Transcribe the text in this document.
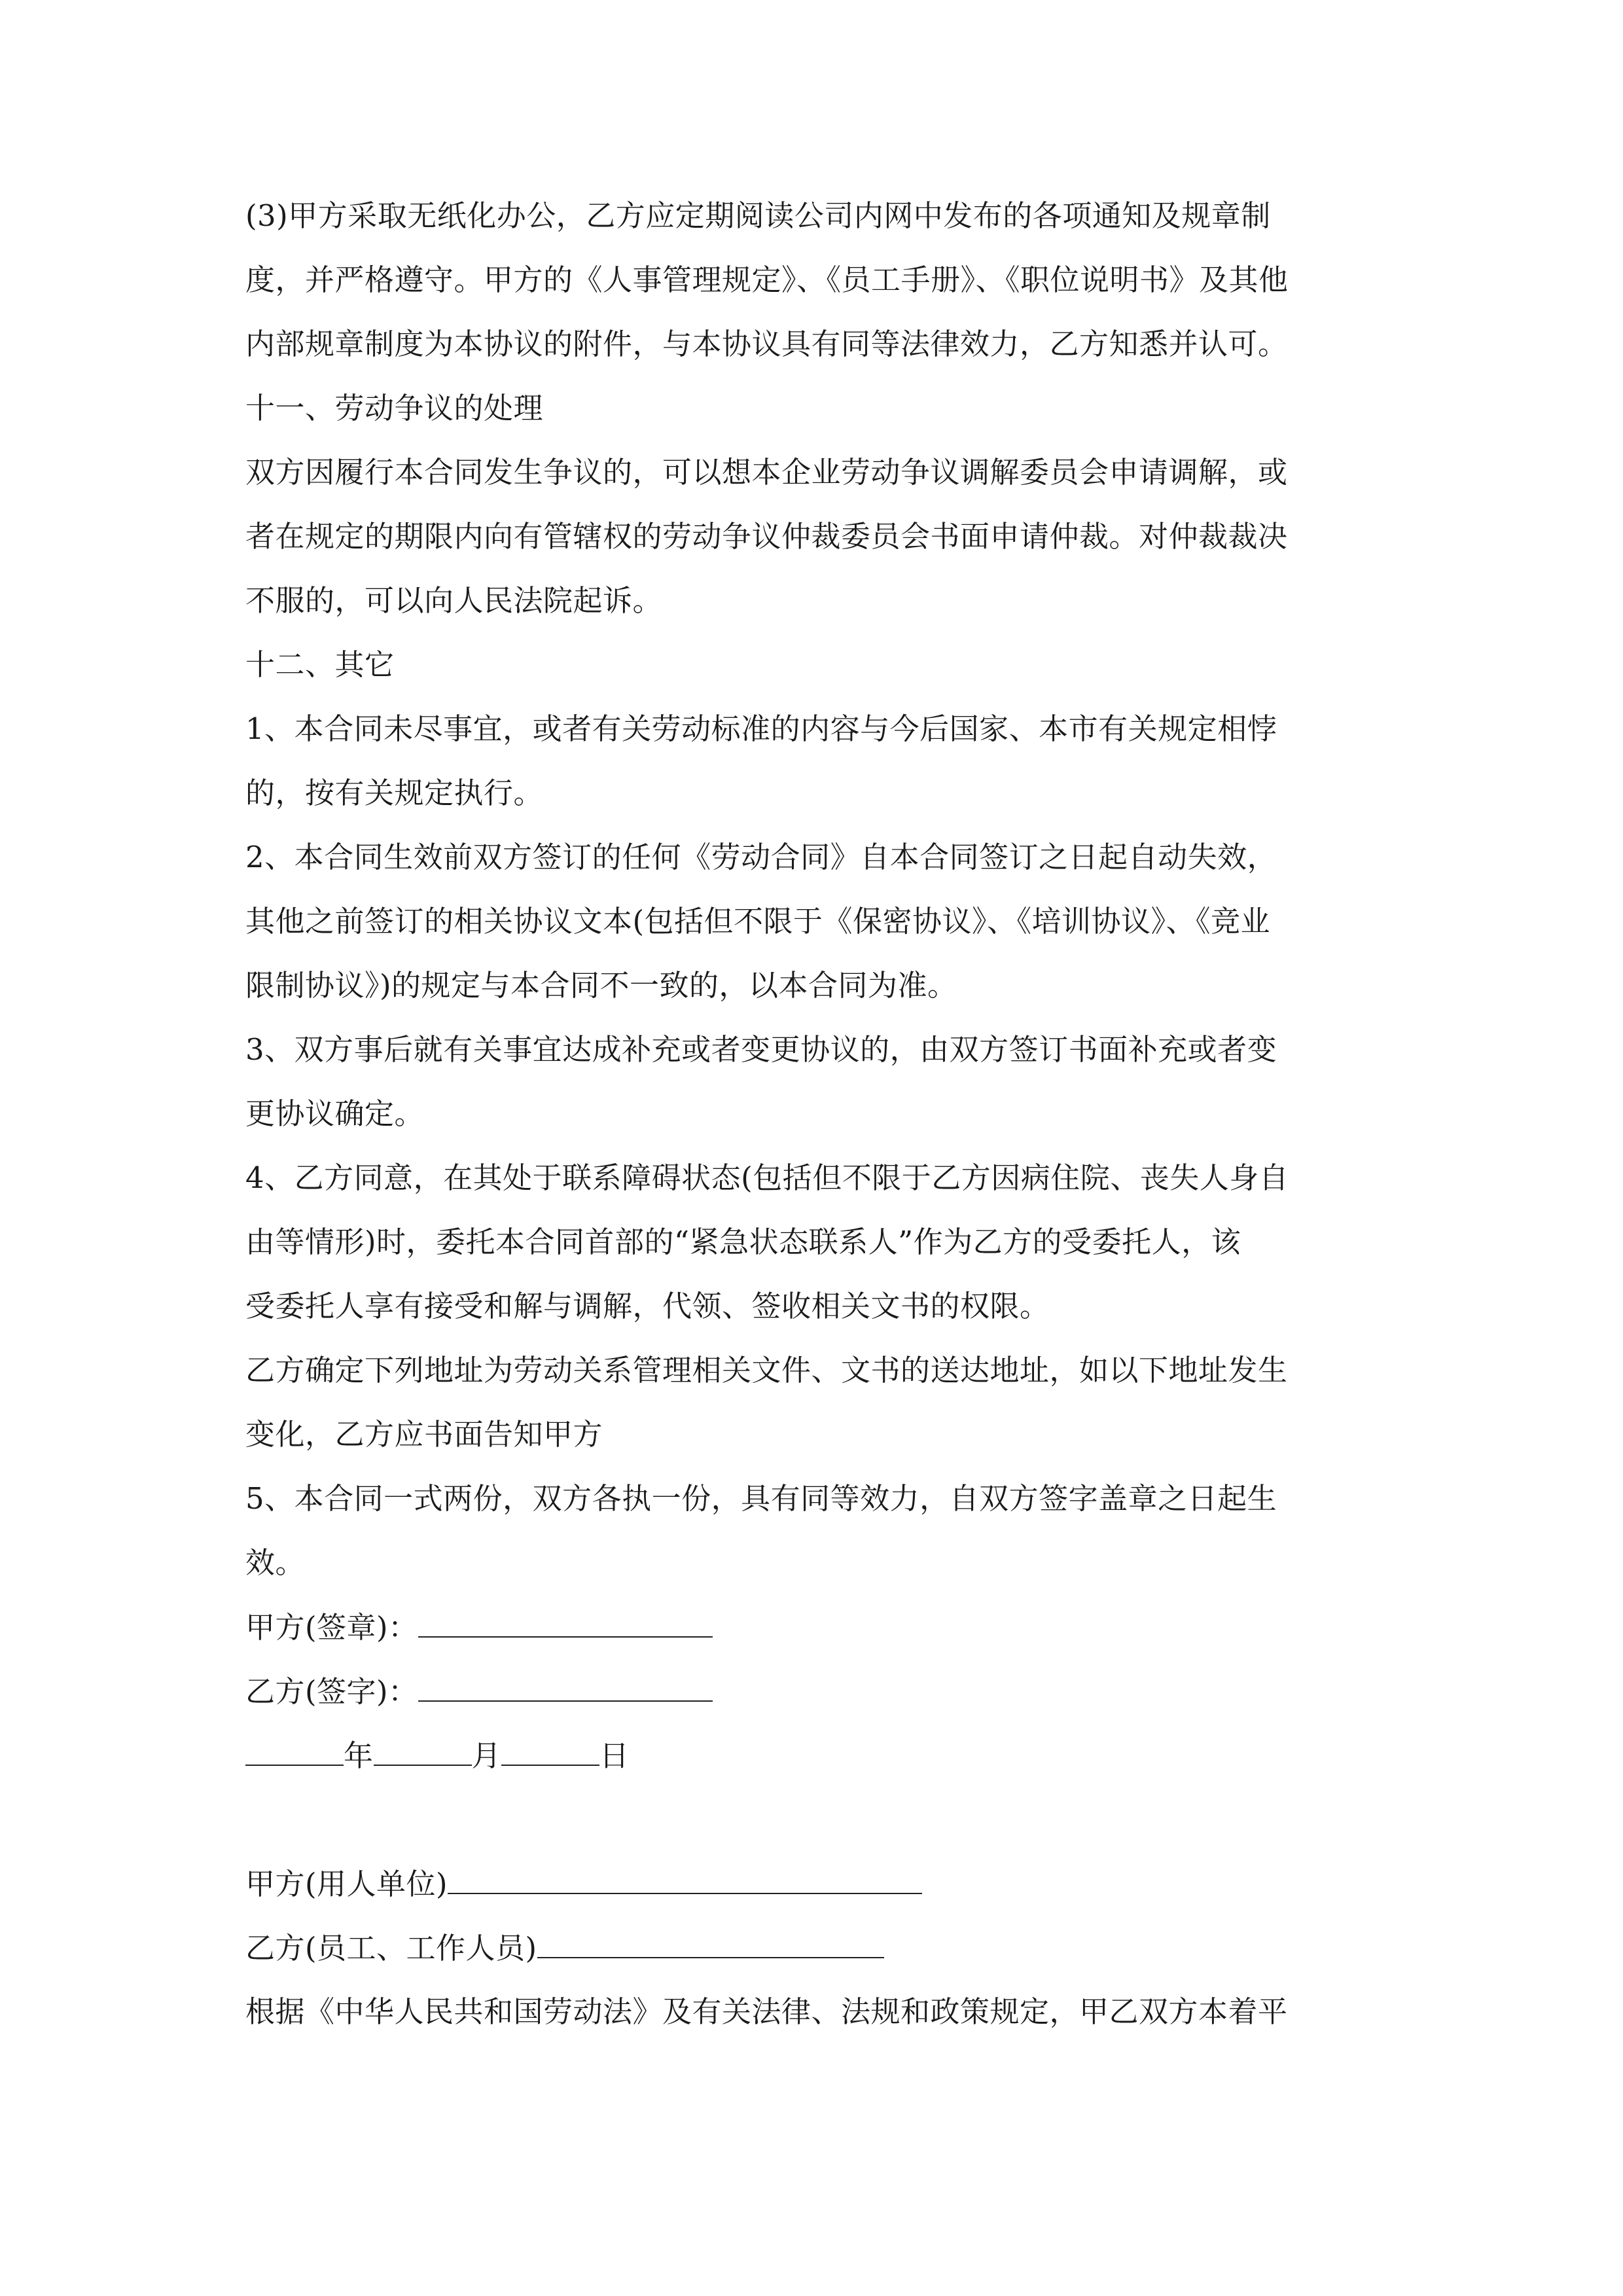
(3)甲方采取无纸化办公，乙方应定期阅读公司内网中发布的各项通知及规章制
度，并严格遵守。甲方的《人事管理规定》、《员工手册》、《职位说明书》及其他
内部规章制度为本协议的附件，与本协议具有同等法律效力，乙方知悉并认可。
十一、劳动争议的处理
双方因履行本合同发生争议的，可以想本企业劳动争议调解委员会申请调解，或
者在规定的期限内向有管辖权的劳动争议仲裁委员会书面申请仲裁。对仲裁裁决
不服的，可以向人民法院起诉。
十二、其它
1、本合同未尽事宜，或者有关劳动标准的内容与今后国家、本市有关规定相悖
的，按有关规定执行。
2、本合同生效前双方签订的任何《劳动合同》自本合同签订之日起自动失效，
其他之前签订的相关协议文本(包括但不限于《保密协议》、《培训协议》、《竞业
限制协议》)的规定与本合同不一致的，以本合同为准。
3、双方事后就有关事宜达成补充或者变更协议的，由双方签订书面补充或者变
更协议确定。
4、乙方同意，在其处于联系障碍状态(包括但不限于乙方因病住院、丧失人身自
由等情形)时，委托本合同首部的“紧急状态联系人”作为乙方的受委托人，该
受委托人享有接受和解与调解，代领、签收相关文书的权限。
乙方确定下列地址为劳动关系管理相关文件、文书的送达地址，如以下地址发生
变化，乙方应书面告知甲方
5、本合同一式两份，双方各执一份，具有同等效力，自双方签字盖章之日起生
效。
甲方(签章)：
乙方(签字)：
年	月	日
甲方(用人单位)
乙方(员工、工作人员)
根据《中华人民共和国劳动法》及有关法律、法规和政策规定，甲乙双方本着平
